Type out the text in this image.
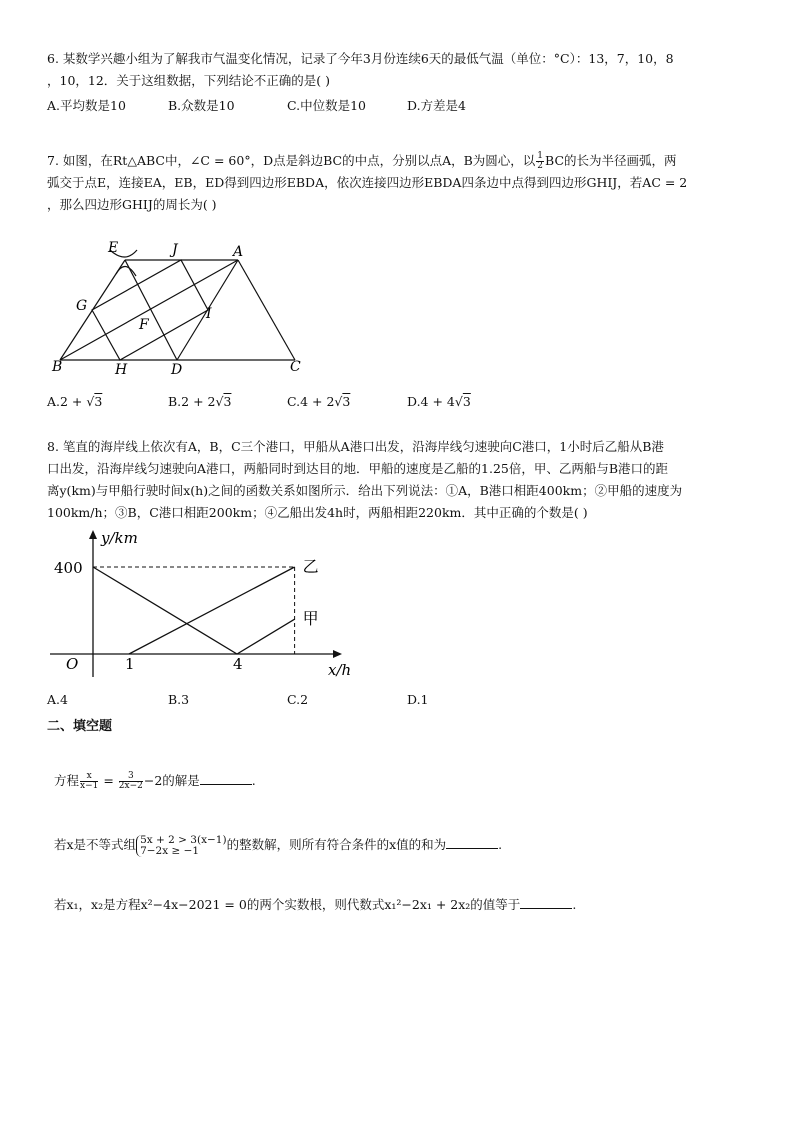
6. 某数学兴趣小组为了解我市气温变化情况，记录了今年3月份连续6天的最低气温（单位：°C）：13，7，10，8
，10，12．关于这组数据，下列结论不正确的是( )
A.平均数是10	B.众数是10	C.中位数是10	D.方差是4
7. 如图，在Rt△ABC中，∠C = 60°，D点是斜边BC的中点，分别以点A，B为圆心，以 $\frac{1}{2}$ BC的长为半径画弧，两
弧交于点E，连接EA，EB，ED得到四边形EBDA，依次连接四边形EBDA四条边中点得到四边形GHIJ，若AC = 2
，那么四边形GHIJ的周长为( )
E	J	A
G
F
I
B	H	D	C
A.2 + √3	B.2 + 2√3	C.4 + 2√3	D.4 + 4√3
8. 笔直的海岸线上依次有A，B，C三个港口，甲船从A港口出发，沿海岸线匀速驶向C港口，1小时后乙船从B港
口出发，沿海岸线匀速驶向A港口，两船同时到达目的地．甲船的速度是乙船的1.25倍，甲、乙两船与B港口的距
离y(km)与甲船行驶时间x(h)之间的函数关系如图所示．给出下列说法：①A，B港口相距400km；②甲船的速度为
100km/h；③B，C港口相距200km；④乙船出发4h时，两船相距220km．其中正确的个数是( )
甲
乙
y/km
x/h
O	1	4
400
A.4	B.3	C.2	D.1
二、填空题
方程 $\frac{x}{x-1} = \frac{3}{2x-2} -2$的解是	.
若x是不等式组 5x + 2 > 3(x−1)
7−2x ≥ −1	的整数解，则所有符合条件的x值的和为	.
若x₁，x₂是方程x²−4x−2021 = 0的两个实数根，则代数式x₁²−2x₁ + 2x₂的值等于	.
